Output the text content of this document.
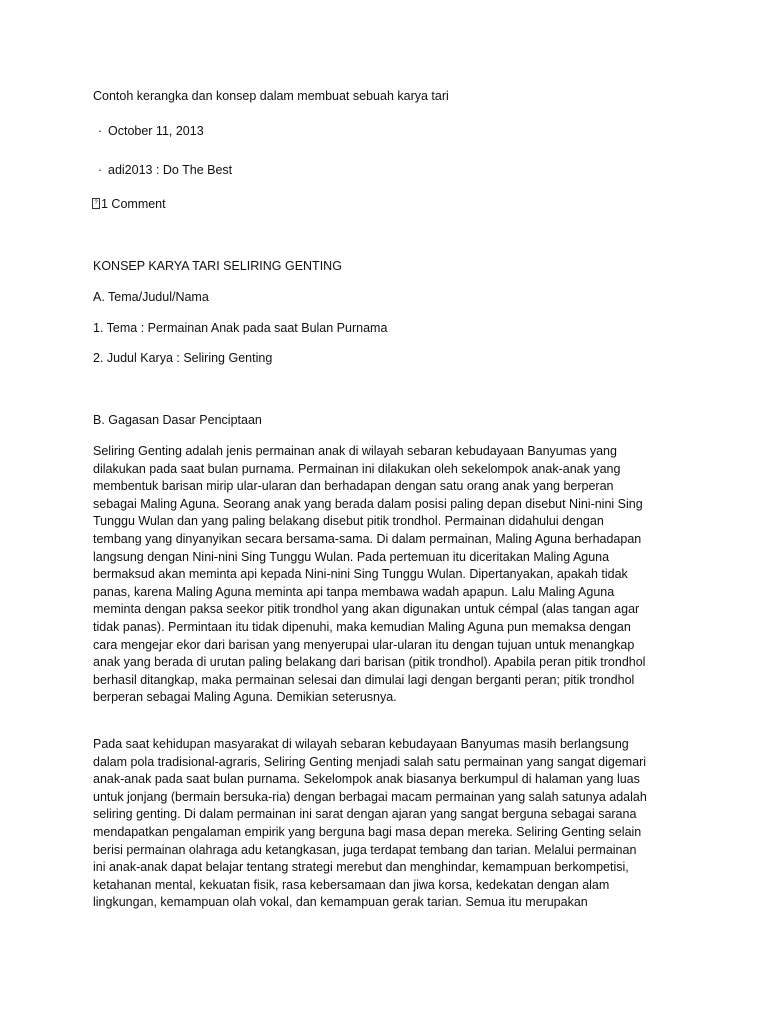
Contoh kerangka dan konsep dalam membuat sebuah karya tari
· October 11, 2013
· adi2013 : Do The Best
? 1 Comment
KONSEP KARYA TARI SELIRING GENTING
A. Tema/Judul/Nama
1. Tema : Permainan Anak pada saat Bulan Purnama
2. Judul Karya : Seliring Genting
B. Gagasan Dasar Penciptaan
Seliring Genting adalah jenis permainan anak di wilayah sebaran kebudayaan Banyumas yang
dilakukan pada saat bulan purnama. Permainan ini dilakukan oleh sekelompok anak-anak yang
membentuk barisan mirip ular-ularan dan berhadapan dengan satu orang anak yang berperan
sebagai Maling Aguna. Seorang anak yang berada dalam posisi paling depan disebut Nini-nini Sing
Tunggu Wulan dan yang paling belakang disebut pitik trondhol. Permainan didahului dengan
tembang yang dinyanyikan secara bersama-sama. Di dalam permainan, Maling Aguna berhadapan
langsung dengan Nini-nini Sing Tunggu Wulan. Pada pertemuan itu diceritakan Maling Aguna
bermaksud akan meminta api kepada Nini-nini Sing Tunggu Wulan. Dipertanyakan, apakah tidak
panas, karena Maling Aguna meminta api tanpa membawa wadah apapun. Lalu Maling Aguna
meminta dengan paksa seekor pitik trondhol yang akan digunakan untuk cémpal (alas tangan agar
tidak panas). Permintaan itu tidak dipenuhi, maka kemudian Maling Aguna pun memaksa dengan
cara mengejar ekor dari barisan yang menyerupai ular-ularan itu dengan tujuan untuk menangkap
anak yang berada di urutan paling belakang dari barisan (pitik trondhol). Apabila peran pitik trondhol
berhasil ditangkap, maka permainan selesai dan dimulai lagi dengan berganti peran; pitik trondhol
berperan sebagai Maling Aguna. Demikian seterusnya.
Pada saat kehidupan masyarakat di wilayah sebaran kebudayaan Banyumas masih berlangsung
dalam pola tradisional-agraris, Seliring Genting menjadi salah satu permainan yang sangat digemari
anak-anak pada saat bulan purnama. Sekelompok anak biasanya berkumpul di halaman yang luas
untuk jonjang (bermain bersuka-ria) dengan berbagai macam permainan yang salah satunya adalah
seliring genting. Di dalam permainan ini sarat dengan ajaran yang sangat berguna sebagai sarana
mendapatkan pengalaman empirik yang berguna bagi masa depan mereka. Seliring Genting selain
berisi permainan olahraga adu ketangkasan, juga terdapat tembang dan tarian. Melalui permainan
ini anak-anak dapat belajar tentang strategi merebut dan menghindar, kemampuan berkompetisi,
ketahanan mental, kekuatan fisik, rasa kebersamaan dan jiwa korsa, kedekatan dengan alam
lingkungan, kemampuan olah vokal, dan kemampuan gerak tarian. Semua itu merupakan
